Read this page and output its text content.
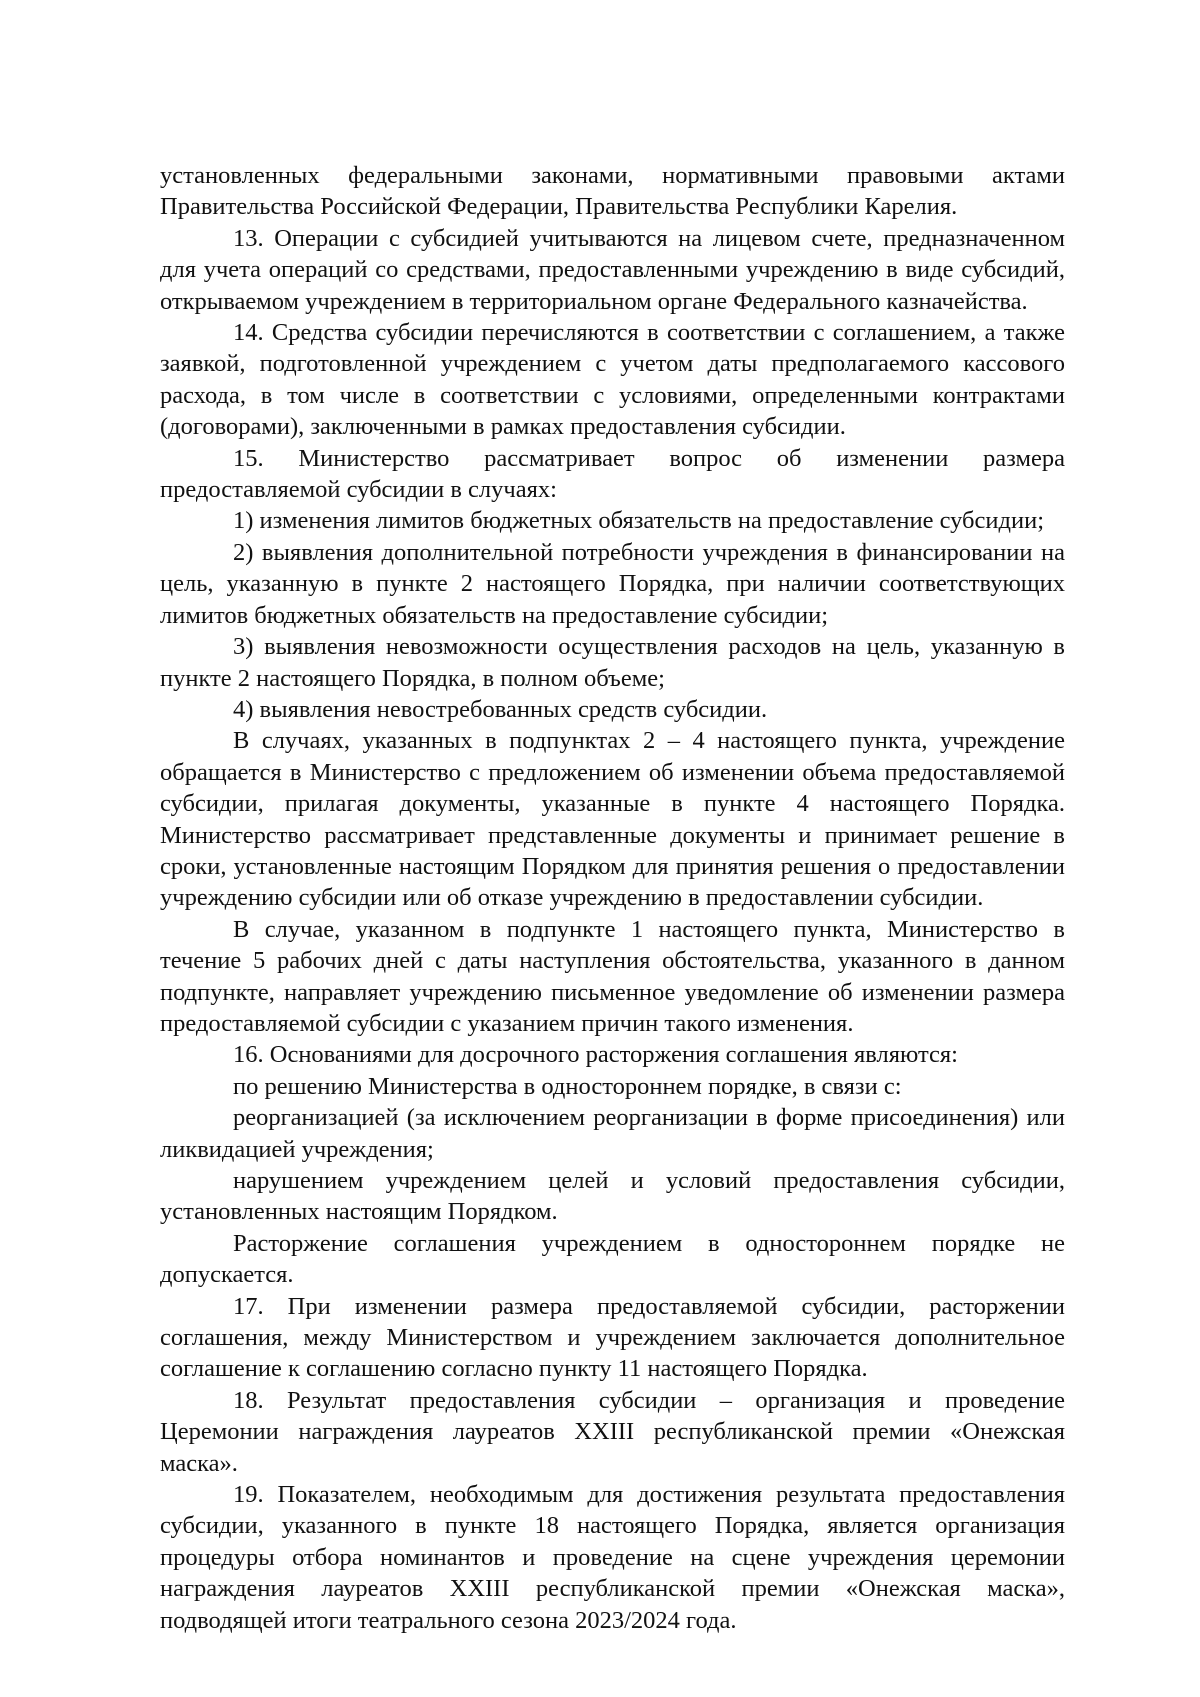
установленных федеральными законами, нормативными правовыми актами Правительства Российской Федерации, Правительства Республики Карелия.

13. Операции с субсидией учитываются на лицевом счете, предназначенном для учета операций со средствами, предоставленными учреждению в виде субсидий, открываемом учреждением в территориальном органе Федерального казначейства.

14. Средства субсидии перечисляются в соответствии с соглашением, а также заявкой, подготовленной учреждением с учетом даты предполагаемого кассового расхода, в том числе в соответствии с условиями, определенными контрактами (договорами), заключенными в рамках предоставления субсидии.

15. Министерство рассматривает вопрос об изменении размера предоставляемой субсидии в случаях:

1) изменения лимитов бюджетных обязательств на предоставление субсидии;

2) выявления дополнительной потребности учреждения в финансировании на цель, указанную в пункте 2 настоящего Порядка, при наличии соответствующих лимитов бюджетных обязательств на предоставление субсидии;

3) выявления невозможности осуществления расходов на цель, указанную в пункте 2 настоящего Порядка, в полном объеме;

4) выявления невостребованных средств субсидии.

В случаях, указанных в подпунктах 2 – 4 настоящего пункта, учреждение обращается в Министерство с предложением об изменении объема предоставляемой субсидии, прилагая документы, указанные в пункте 4 настоящего Порядка. Министерство рассматривает представленные документы и принимает решение в сроки, установленные настоящим Порядком для принятия решения о предоставлении учреждению субсидии или об отказе учреждению в предоставлении субсидии.

В случае, указанном в подпункте 1 настоящего пункта, Министерство в течение 5 рабочих дней с даты наступления обстоятельства, указанного в данном подпункте, направляет учреждению письменное уведомление об изменении размера предоставляемой субсидии с указанием причин такого изменения.

16. Основаниями для досрочного расторжения соглашения являются:

по решению Министерства в одностороннем порядке, в связи с:

реорганизацией (за исключением реорганизации в форме присоединения) или ликвидацией учреждения;

нарушением учреждением целей и условий предоставления субсидии, установленных настоящим Порядком.

Расторжение соглашения учреждением в одностороннем порядке не допускается.

17. При изменении размера предоставляемой субсидии, расторжении соглашения, между Министерством и учреждением заключается дополнительное соглашение к соглашению согласно пункту 11 настоящего Порядка.

18. Результат предоставления субсидии – организация и проведение Церемонии награждения лауреатов XXIII республиканской премии «Онежская маска».

19. Показателем, необходимым для достижения результата предоставления субсидии, указанного в пункте 18 настоящего Порядка, является организация процедуры отбора номинантов и проведение на сцене учреждения церемонии награждения лауреатов XXIII республиканской премии «Онежская маска», подводящей итоги театрального сезона 2023/2024 года.
